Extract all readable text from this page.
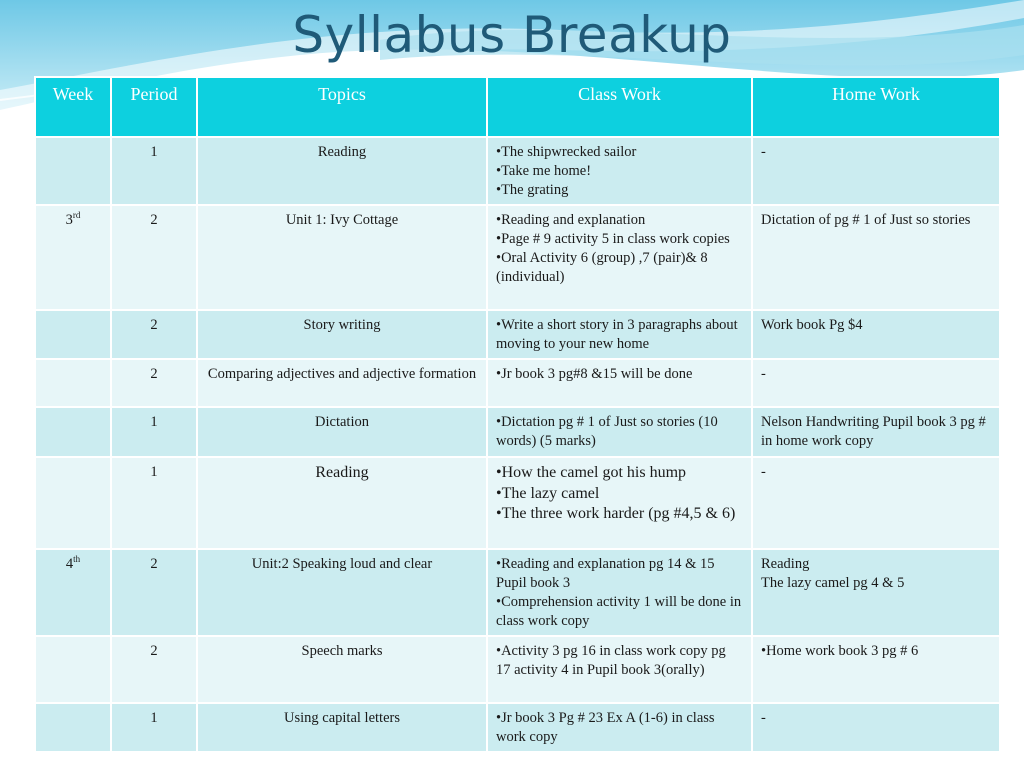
Syllabus Breakup
Week	Period	Topics	Class Work	Home Work
	1	Reading	•The shipwrecked sailor
•Take me home!
•The grating	-

3rd	2	Unit 1: Ivy Cottage	•Reading and explanation
•Page # 9 activity 5 in class work copies
•Oral Activity 6 (group) ,7 (pair)& 8 (individual)	Dictation of pg # 1 of Just so stories

	2	Story writing	•Write a short story in 3 paragraphs about moving to your new home	Work book Pg $4

	2	Comparing adjectives and adjective formation	•Jr book 3 pg#8 &15 will be done	-

	1	Dictation	•Dictation pg # 1 of Just so stories (10 words) (5 marks)	Nelson Handwriting Pupil book 3 pg # in home work copy

	1	Reading	•How the camel got his hump
•The lazy camel
•The three work harder (pg #4,5 & 6)	-

4th	2	Unit:2 Speaking loud and clear	•Reading and explanation pg 14 & 15 Pupil book 3
•Comprehension activity 1 will be done in class work copy	Reading
The lazy camel pg 4 & 5

	2	Speech marks	•Activity 3 pg 16 in class work copy pg 17 activity 4 in Pupil book 3(orally)	•Home work book 3 pg # 6

	1	Using capital letters	•Jr book 3 Pg # 23 Ex A (1-6) in class work copy	-
